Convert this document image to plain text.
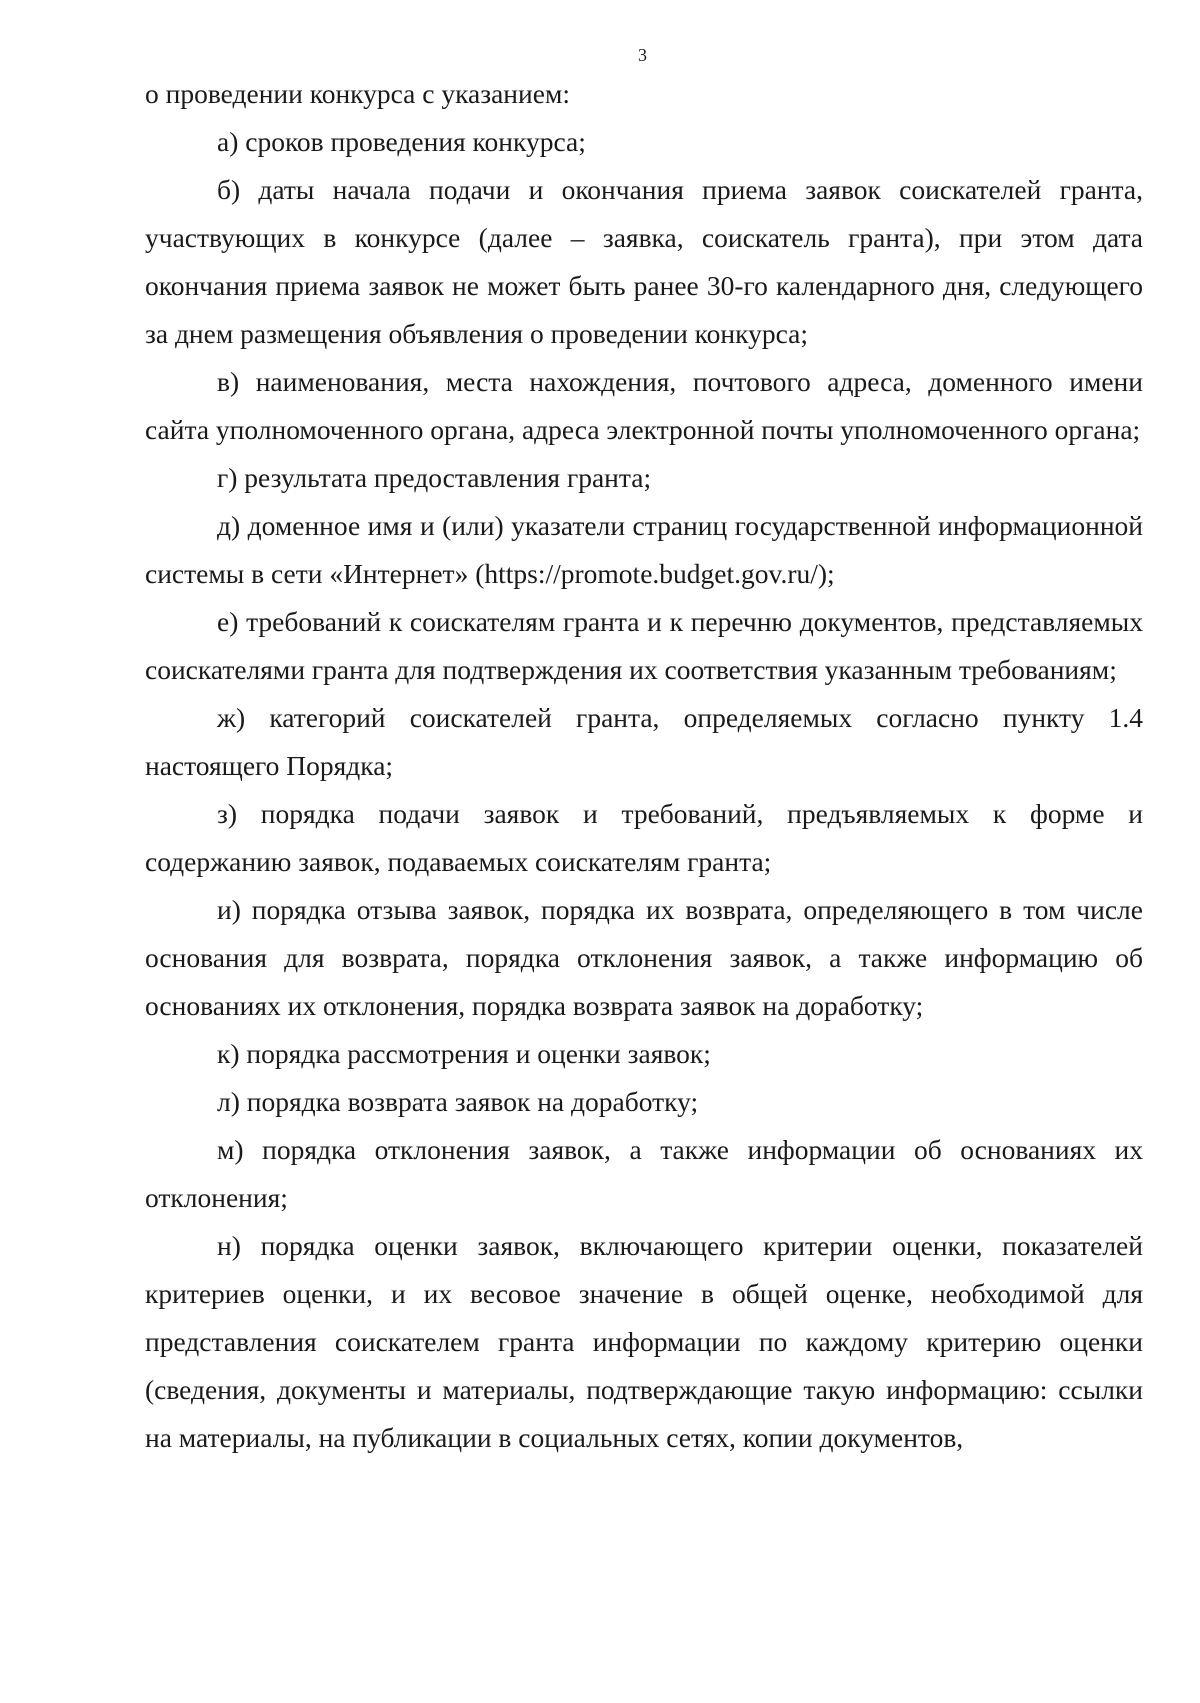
3

о проведении конкурса с указанием:

а) сроков проведения конкурса;

б) даты начала подачи и окончания приема заявок соискателей гранта, участвующих в конкурсе (далее – заявка, соискатель гранта), при этом дата окончания приема заявок не может быть ранее 30-го календарного дня, следующего за днем размещения объявления о проведении конкурса;

в) наименования, места нахождения, почтового адреса, доменного имени сайта уполномоченного органа, адреса электронной почты уполномоченного органа;

г) результата предоставления гранта;

д) доменное имя и (или) указатели страниц государственной информационной системы в сети «Интернет» (https://promote.budget.gov.ru/);

е) требований к соискателям гранта и к перечню документов, представляемых соискателями гранта для подтверждения их соответствия указанным требованиям;

ж) категорий соискателей гранта, определяемых согласно пункту 1.4 настоящего Порядка;

з) порядка подачи заявок и требований, предъявляемых к форме и содержанию заявок, подаваемых соискателям гранта;

и) порядка отзыва заявок, порядка их возврата, определяющего в том числе основания для возврата, порядка отклонения заявок, а также информацию об основаниях их отклонения, порядка возврата заявок на доработку;

к) порядка рассмотрения и оценки заявок;

л) порядка возврата заявок на доработку;

м) порядка отклонения заявок, а также информации об основаниях их отклонения;

н) порядка оценки заявок, включающего критерии оценки, показателей критериев оценки, и их весовое значение в общей оценке, необходимой для представления соискателем гранта информации по каждому критерию оценки (сведения, документы и материалы, подтверждающие такую информацию: ссылки на материалы, на публикации в социальных сетях, копии документов,
